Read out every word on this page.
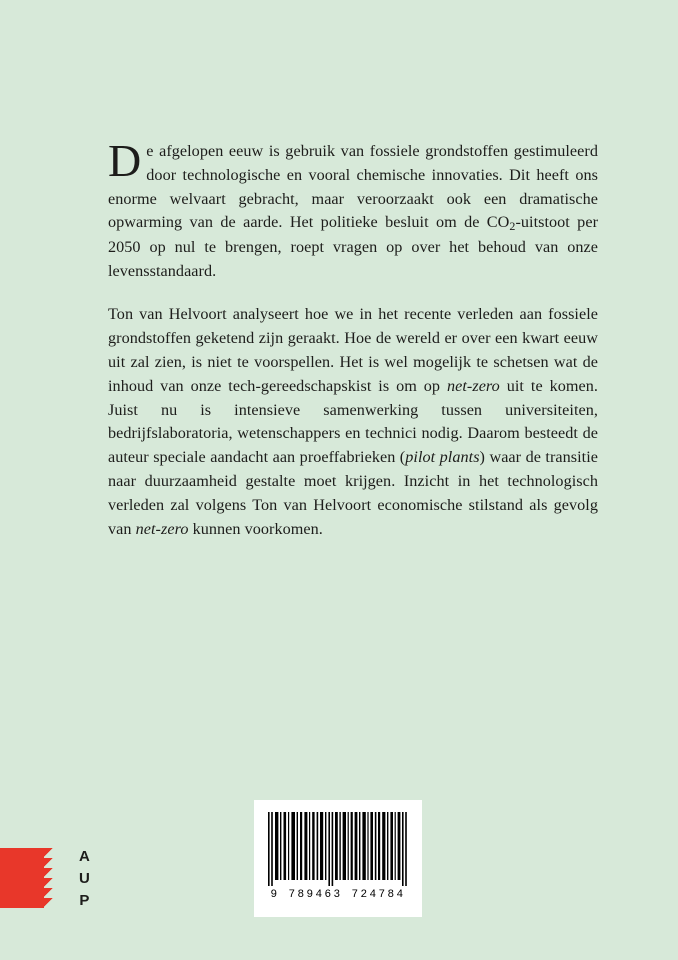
De afgelopen eeuw is gebruik van fossiele grondstoffen gestimuleerd door technologische en vooral chemische innovaties. Dit heeft ons enorme welvaart gebracht, maar veroorzaakt ook een dramatische opwarming van de aarde. Het politieke besluit om de $CO_2$-uitstoot per 2050 op nul te brengen, roept vragen op over het behoud van onze levensstandaard.

Ton van Helvoort analyseert hoe we in het recente verleden aan fossiele grondstoffen geketend zijn geraakt. Hoe de wereld er over een kwart eeuw uit zal zien, is niet te voorspellen. Het is wel mogelijk te schetsen wat de inhoud van onze tech-gereedschapskist is om op net-zero uit te komen. Juist nu is intensieve samenwerking tussen universiteiten, bedrijfslaboratoria, wetenschappers en technici nodig. Daarom besteedt de auteur speciale aandacht aan proeffabrieken (pilot plants) waar de transitie naar duurzaamheid gestalte moet krijgen. Inzicht in het technologisch verleden zal volgens Ton van Helvoort economische stilstand als gevolg van net-zero kunnen voorkomen.

9 789463 724784
A
U
P
